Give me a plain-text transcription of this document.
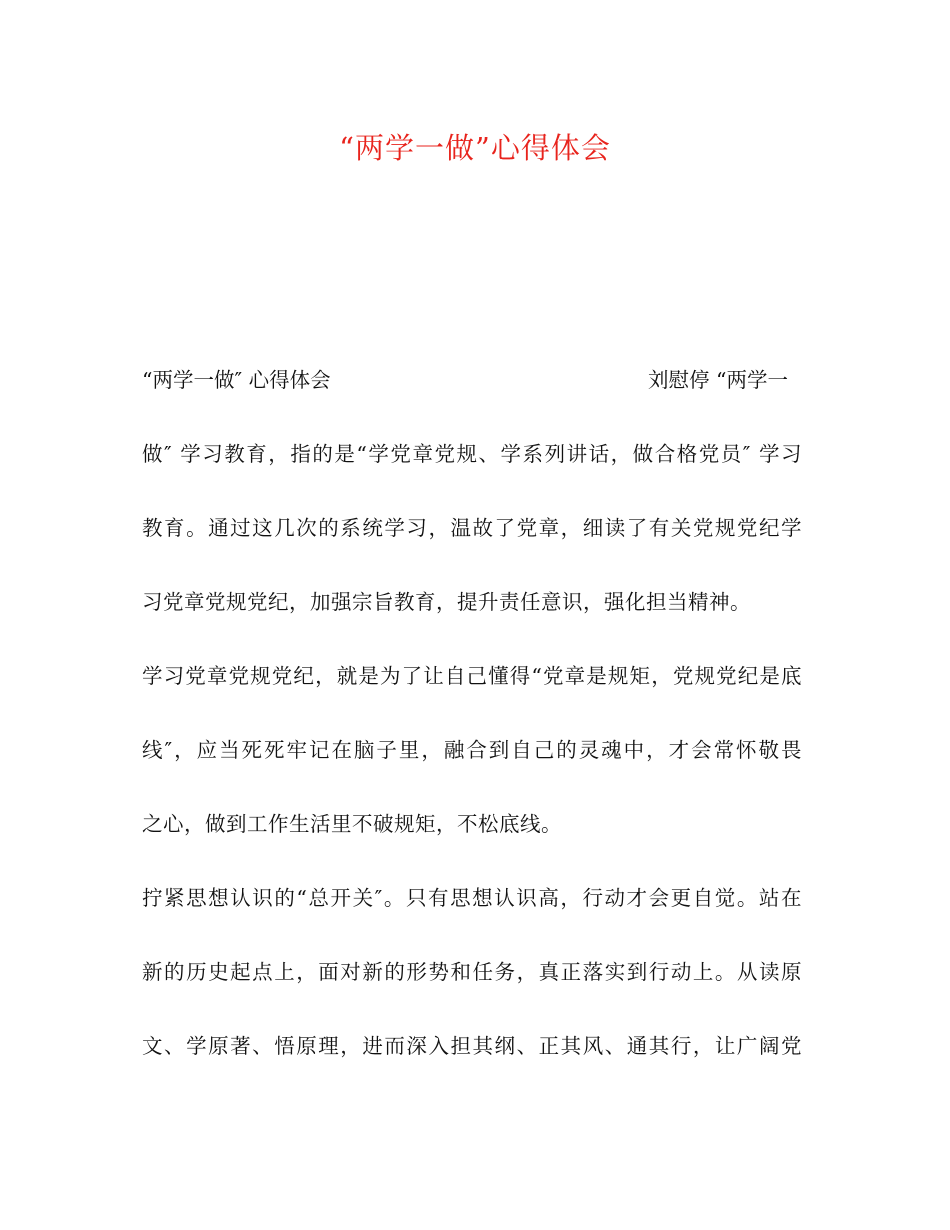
“两学一做”心得体会
“两学一做″ 心得体会	刘慰停 “两学一
做″ 学习教育，指的是“学党章党规、学系列讲话，做合格党员″ 学习
教育。通过这几次的系统学习，温故了党章，细读了有关党规党纪学
习党章党规党纪，加强宗旨教育，提升责任意识，强化担当精神。
学习党章党规党纪，就是为了让自己懂得“党章是规矩，党规党纪是底
线″，应当死死牢记在脑子里，融合到自己的灵魂中，才会常怀敬畏
之心，做到工作生活里不破规矩，不松底线。
拧紧思想认识的“总开关″。只有思想认识高，行动才会更自觉。站在
新的历史起点上，面对新的形势和任务，真正落实到行动上。从读原
文、学原著、悟原理，进而深入担其纲、正其风、通其行，让广阔党
